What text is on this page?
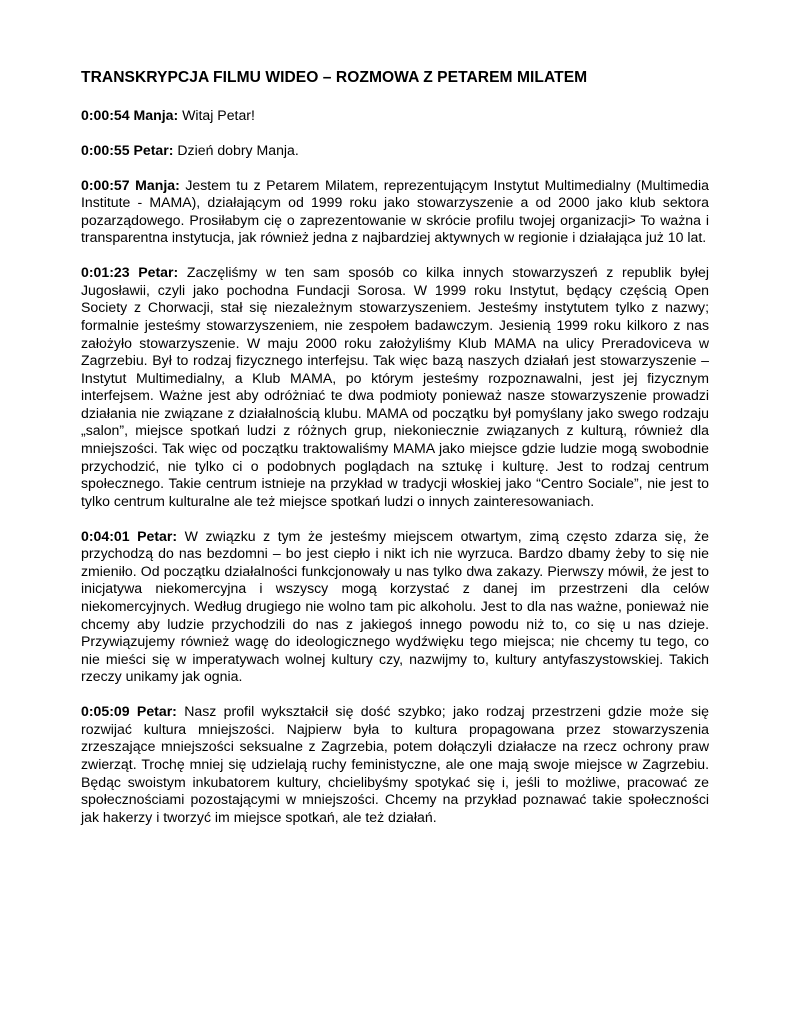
TRANSKRYPCJA FILMU WIDEO – ROZMOWA Z PETAREM MILATEM

0:00:54 Manja: Witaj Petar!

0:00:55 Petar: Dzień dobry Manja.

0:00:57 Manja: Jestem tu z Petarem Milatem, reprezentującym Instytut Multimedialny (Multimedia Institute - MAMA), działającym od 1999 roku jako stowarzyszenie a od 2000 jako klub sektora pozarządowego. Prosiłabym cię o zaprezentowanie w skrócie profilu twojej organizacji> To ważna i transparentna instytucja, jak również jedna z najbardziej aktywnych w regionie i działająca już 10 lat.

0:01:23 Petar: Zaczęliśmy w ten sam sposób co kilka innych stowarzyszeń z republik byłej Jugosławii, czyli jako pochodna Fundacji Sorosa. W 1999 roku Instytut, będący częścią Open Society z Chorwacji, stał się niezależnym stowarzyszeniem. Jesteśmy instytutem tylko z nazwy; formalnie jesteśmy stowarzyszeniem, nie zespołem badawczym. Jesienią 1999 roku kilkoro z nas założyło stowarzyszenie. W maju 2000 roku założyliśmy Klub MAMA na ulicy Preradoviceva w Zagrzebiu. Był to rodzaj fizycznego interfejsu. Tak więc bazą naszych działań jest stowarzyszenie – Instytut Multimedialny, a Klub MAMA, po którym jesteśmy rozpoznawalni, jest jej fizycznym interfejsem. Ważne jest aby odróżniać te dwa podmioty ponieważ nasze stowarzyszenie prowadzi działania nie związane z działalnością klubu. MAMA od początku był pomyślany jako swego rodzaju „salon”, miejsce spotkań ludzi z różnych grup, niekoniecznie związanych z kulturą, również dla mniejszości. Tak więc od początku traktowaliśmy MAMA jako miejsce gdzie ludzie mogą swobodnie przychodzić, nie tylko ci o podobnych poglądach na sztukę i kulturę. Jest to rodzaj centrum społecznego. Takie centrum istnieje na przykład w tradycji włoskiej jako “Centro Sociale”, nie jest to tylko centrum kulturalne ale też miejsce spotkań ludzi o innych zainteresowaniach.

0:04:01 Petar: W związku z tym że jesteśmy miejscem otwartym, zimą często zdarza się, że przychodzą do nas bezdomni – bo jest ciepło i nikt ich nie wyrzuca. Bardzo dbamy żeby to się nie zmieniło. Od początku działalności funkcjonowały u nas tylko dwa zakazy. Pierwszy mówił, że jest to inicjatywa niekomercyjna i wszyscy mogą korzystać z danej im przestrzeni dla celów niekomercyjnych. Według drugiego nie wolno tam pic alkoholu. Jest to dla nas ważne, ponieważ nie chcemy aby ludzie przychodzili do nas z jakiegoś innego powodu niż to, co się u nas dzieje. Przywiązujemy również wagę do ideologicznego wydźwięku tego miejsca; nie chcemy tu tego, co nie mieści się w imperatywach wolnej kultury czy, nazwijmy to, kultury antyfaszystowskiej. Takich rzeczy unikamy jak ognia.

0:05:09 Petar: Nasz profil wykształcił się dość szybko; jako rodzaj przestrzeni gdzie może się rozwijać kultura mniejszości. Najpierw była to kultura propagowana przez stowarzyszenia zrzeszające mniejszości seksualne z Zagrzebia, potem dołączyli działacze na rzecz ochrony praw zwierząt. Trochę mniej się udzielają ruchy feministyczne, ale one mają swoje miejsce w Zagrzebiu. Będąc swoistym inkubatorem kultury, chcielibyśmy spotykać się i, jeśli to możliwe, pracować ze społecznościami pozostającymi w mniejszości. Chcemy na przykład poznawać takie społeczności jak hakerzy i tworzyć im miejsce spotkań, ale też działań.
